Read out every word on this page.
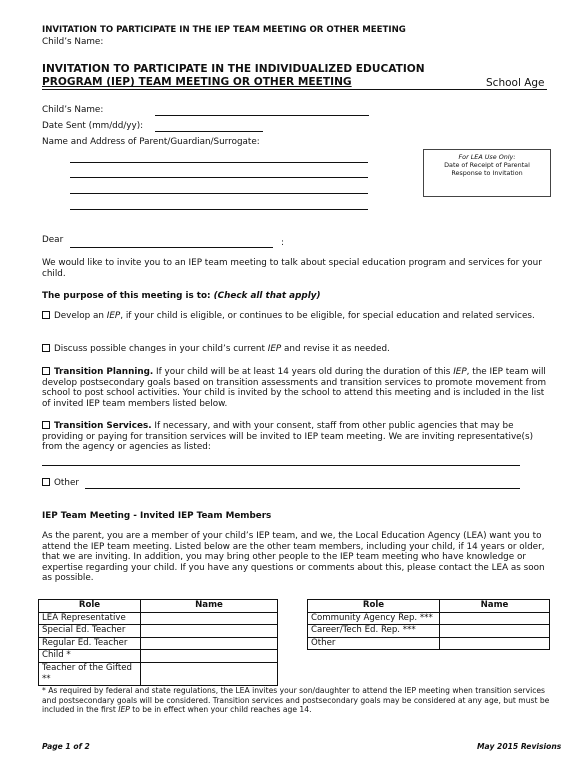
INVITATION TO PARTICIPATE IN THE IEP TEAM MEETING OR OTHER MEETING
Child’s Name:
INVITATION TO PARTICIPATE IN THE INDIVIDUALIZED EDUCATION
PROGRAM (IEP) TEAM MEETING OR OTHER MEETING	School Age
Child’s Name:
Date Sent (mm/dd/yy):
Name and Address of Parent/Guardian/Surrogate:
For LEA Use Only:
Date of Receipt of Parental
Response to Invitation
Dear	:
We would like to invite you to an IEP team meeting to talk about special education program and services for your child.
The purpose of this meeting is to: (Check all that apply)
Develop an IEP, if your child is eligible, or continues to be eligible, for special education and related services.
Discuss possible changes in your child’s current IEP and revise it as needed.
Transition Planning. If your child will be at least 14 years old during the duration of this IEP, the IEP team will develop postsecondary goals based on transition assessments and transition services to promote movement from school to post school activities. Your child is invited by the school to attend this meeting and is included in the list of invited IEP team members listed below.
Transition Services. If necessary, and with your consent, staff from other public agencies that may be providing or paying for transition services will be invited to IEP team meeting. We are inviting representative(s) from the agency or agencies as listed:
Other
IEP Team Meeting - Invited IEP Team Members
As the parent, you are a member of your child’s IEP team, and we, the Local Education Agency (LEA) want you to attend the IEP team meeting. Listed below are the other team members, including your child, if 14 years or older, that we are inviting. In addition, you may bring other people to the IEP team meeting who have knowledge or expertise regarding your child. If you have any questions or comments about this, please contact the LEA as soon as possible.
Role	Name
LEA Representative	
Special Ed. Teacher	
Regular Ed. Teacher	
Child *	
Teacher of the Gifted **	
Role	Name
Community Agency Rep. ***	
Career/Tech Ed. Rep. ***	
Other	
* As required by federal and state regulations, the LEA invites your son/daughter to attend the IEP meeting when transition services and postsecondary goals will be considered. Transition services and postsecondary goals may be considered at any age, but must be included in the first IEP to be in effect when your child reaches age 14.
Page 1 of 2	May 2015 Revisions
